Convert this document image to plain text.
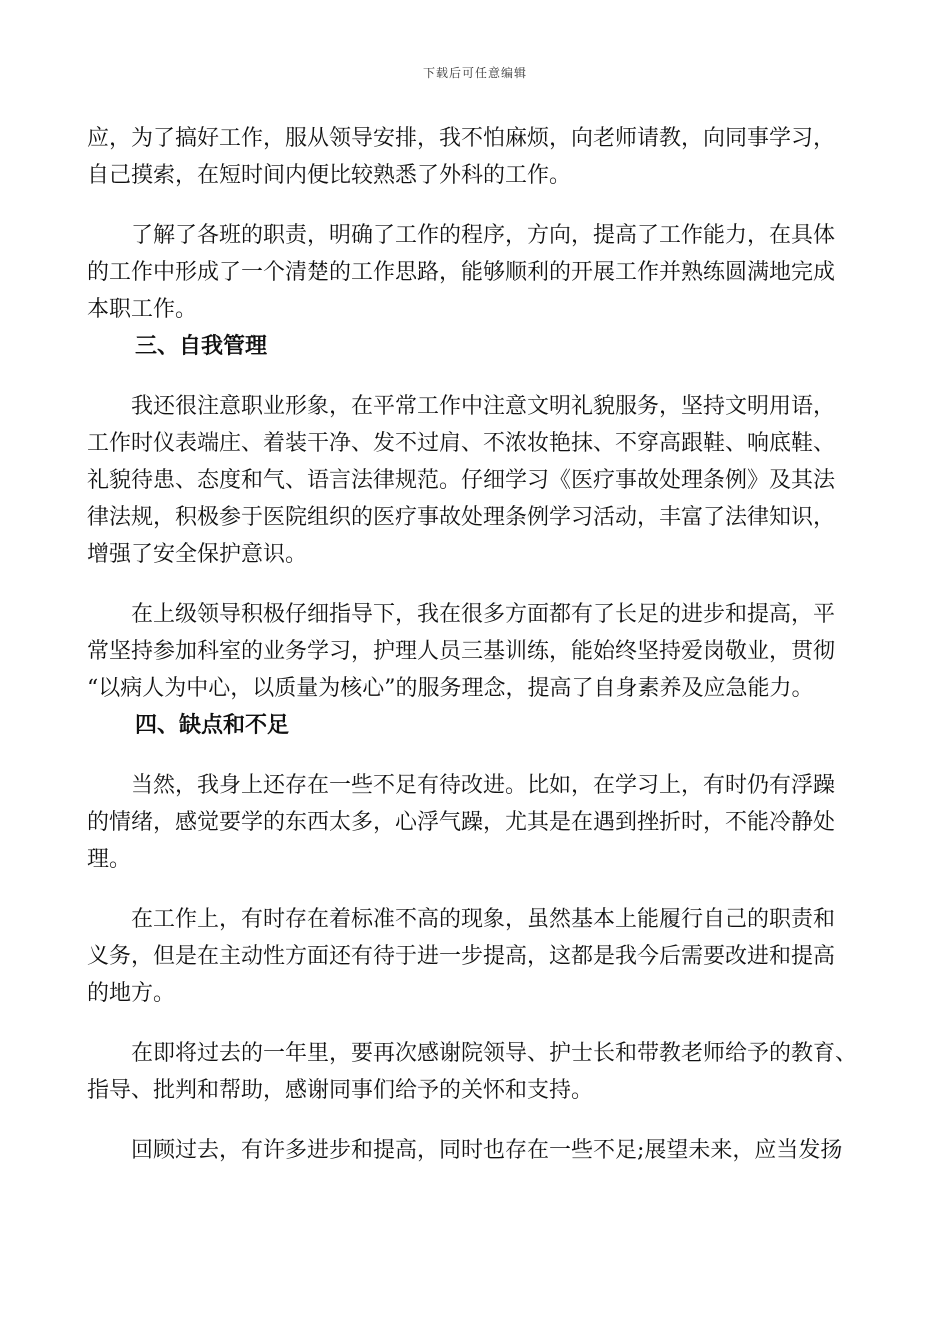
下载后可任意编辑
应，为了搞好工作，服从领导安排，我不怕麻烦，向老师请教，向同事学习，
自己摸索，在短时间内便比较熟悉了外科的工作。
　　了解了各班的职责，明确了工作的程序，方向，提高了工作能力，在具体
的工作中形成了一个清楚的工作思路，能够顺利的开展工作并熟练圆满地完成
本职工作。
三、自我管理
　　我还很注意职业形象，在平常工作中注意文明礼貌服务，坚持文明用语，
工作时仪表端庄、着装干净、发不过肩、不浓妆艳抹、不穿高跟鞋、响底鞋、
礼貌待患、态度和气、语言法律规范。仔细学习《医疗事故处理条例》及其法
律法规，积极参于医院组织的医疗事故处理条例学习活动，丰富了法律知识，
增强了安全保护意识。
　　在上级领导积极仔细指导下，我在很多方面都有了长足的进步和提高，平
常坚持参加科室的业务学习，护理人员三基训练，能始终坚持爱岗敬业，贯彻
“以病人为中心，以质量为核心”的服务理念，提高了自身素养及应急能力。
四、缺点和不足
　　当然，我身上还存在一些不足有待改进。比如，在学习上，有时仍有浮躁
的情绪，感觉要学的东西太多，心浮气躁，尤其是在遇到挫折时，不能冷静处
理。
　　在工作上，有时存在着标准不高的现象，虽然基本上能履行自己的职责和
义务，但是在主动性方面还有待于进一步提高，这都是我今后需要改进和提高
的地方。
　　在即将过去的一年里，要再次感谢院领导、护士长和带教老师给予的教育、
指导、批判和帮助，感谢同事们给予的关怀和支持。
　　回顾过去，有许多进步和提高，同时也存在一些不足;展望未来，应当发扬
